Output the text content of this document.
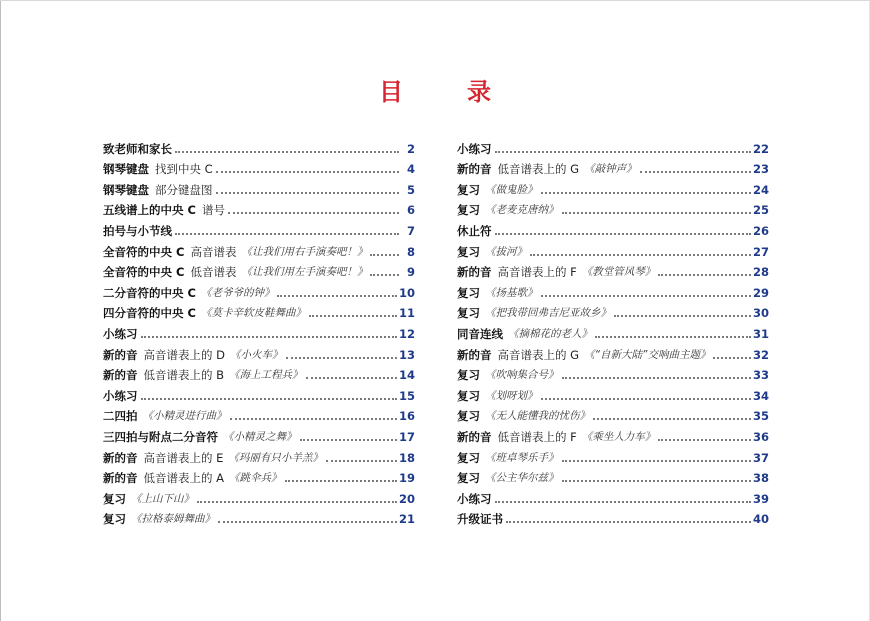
目	录
致老师和家长	2
钢琴键盘 找到中央 C	4
钢琴键盘 部分键盘图	5
五线谱上的中央 C 谱号	6
拍号与小节线	7
全音符的中央 C 高音谱表 《让我们用右手演奏吧！》	8
全音符的中央 C 低音谱表 《让我们用左手演奏吧！》	9
二分音符的中央 C 《老爷爷的钟》	10
四分音符的中央 C 《莫卡辛软皮鞋舞曲》	11
小练习	12
新的音 高音谱表上的 D 《小火车》	13
新的音 低音谱表上的 B 《海上工程兵》	14
小练习	15
二四拍 《小精灵进行曲》	16
三四拍与附点二分音符 《小精灵之舞》	17
新的音 高音谱表上的 E 《玛丽有只小羊羔》	18
新的音 低音谱表上的 A 《跳伞兵》	19
复习 《上山下山》	20
复习 《拉格泰姆舞曲》	21
小练习	22
新的音 低音谱表上的 G 《敲钟声》	23
复习 《做鬼脸》	24
复习 《老麦克唐纳》	25
休止符	26
复习 《拔河》	27
新的音 高音谱表上的 F 《教堂管风琴》	28
复习 《扬基歌》	29
复习 《把我带回弗吉尼亚故乡》	30
同音连线 《摘棉花的老人》	31
新的音 高音谱表上的 G 《“自新大陆”交响曲主题》	32
复习 《吹响集合号》	33
复习 《划呀划》	34
复习 《无人能懂我的忧伤》	35
新的音 低音谱表上的 F 《乘坐人力车》	36
复习 《班卓琴乐手》	37
复习 《公主华尔兹》	38
小练习	39
升级证书	40
